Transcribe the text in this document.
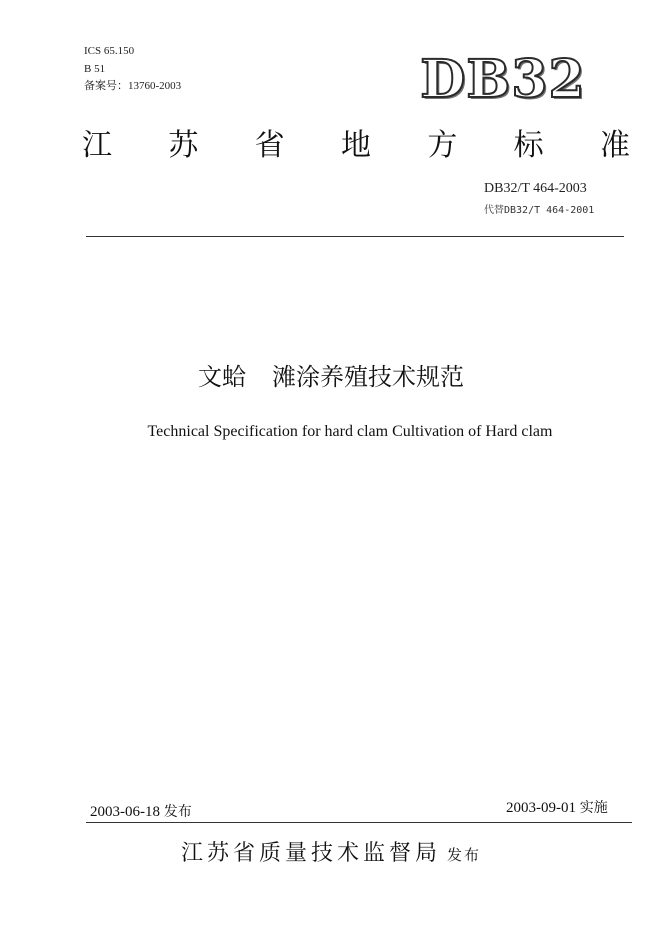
ICS 65.150
B 51
备案号：13760-2003	DB32
江 苏 省 地 方 标 准
DB32/T 464-2003
代替DB32/T 464-2001
文蛤 滩涂养殖技术规范
Technical Specification for hard clam Cultivation of Hard clam
2003-06-18 发布	2003-09-01 实施
江苏省质量技术监督局 发布
